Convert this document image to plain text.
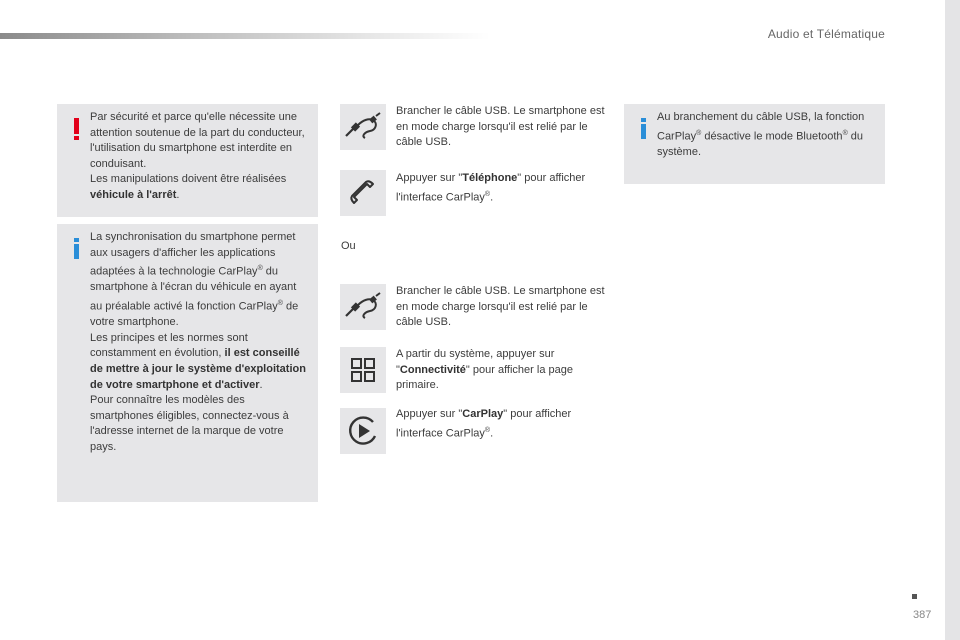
Audio et Télématique

Par sécurité et parce qu'elle nécessite une attention soutenue de la part du conducteur, l'utilisation du smartphone est interdite en conduisant.

Les manipulations doivent être réalisées véhicule à l'arrêt.

La synchronisation du smartphone permet aux usagers d'afficher les applications adaptées à la technologie CarPlay® du smartphone à l'écran du véhicule en ayant au préalable activé la fonction CarPlay® de votre smartphone.

Les principes et les normes sont constamment en évolution, il est conseillé de mettre à jour le système d'exploitation de votre smartphone et d'activer.

Pour connaître les modèles des smartphones éligibles, connectez-vous à l'adresse internet de la marque de votre pays.

Brancher le câble USB. Le smartphone est en mode charge lorsqu'il est relié par le câble USB.
Appuyer sur "Téléphone" pour afficher l'interface CarPlay®.
Ou
Brancher le câble USB. Le smartphone est en mode charge lorsqu'il est relié par le câble USB.
A partir du système, appuyer sur "Connectivité" pour afficher la page primaire.
Appuyer sur "CarPlay" pour afficher l'interface CarPlay®.

Au branchement du câble USB, la fonction CarPlay® désactive le mode Bluetooth® du système.

387
